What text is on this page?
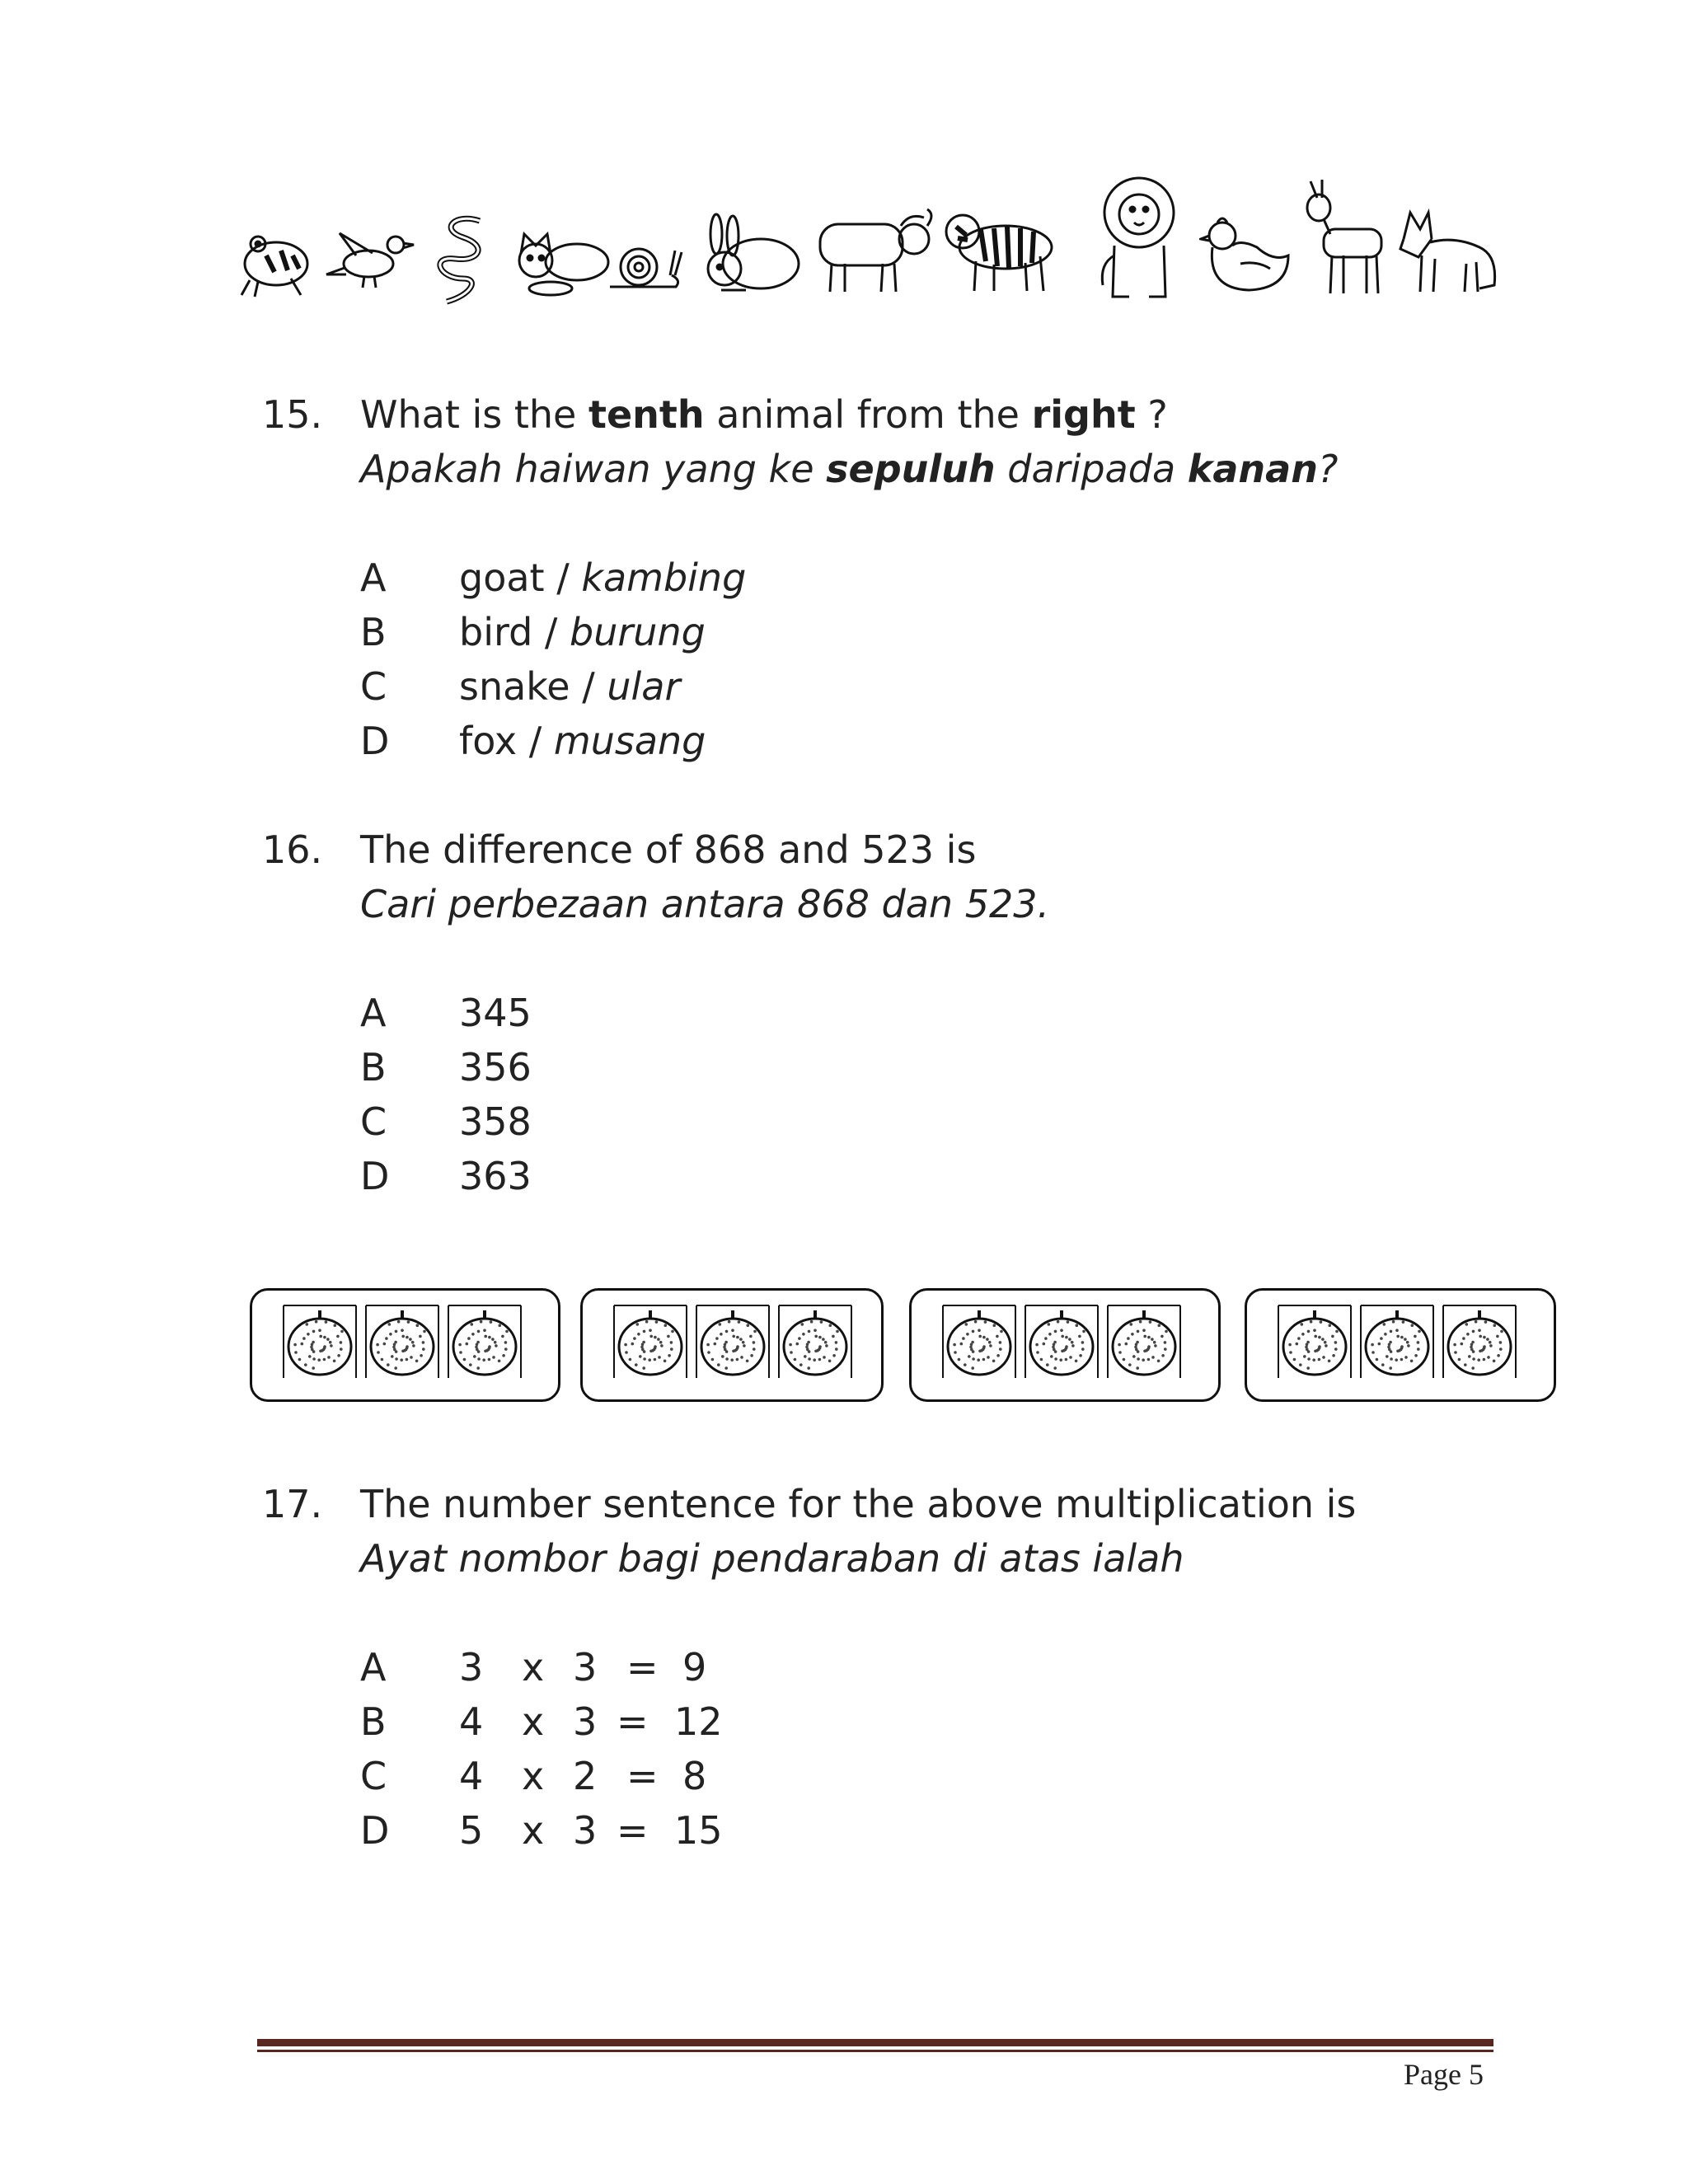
15. What is the tenth animal from the right ?
Apakah haiwan yang ke sepuluh daripada kanan?
A goat / kambing
B bird / burung
C snake / ular
D fox / musang
16. The difference of 868 and 523 is
Cari perbezaan antara 868 dan 523.
A 345
B 356
C 358
D 363
17. The number sentence for the above multiplication is
Ayat nombor bagi pendaraban di atas ialah
A 3 x 3 = 9
B 4 x 3 = 12
C 4 x 2 = 8
D 5 x 3 = 15
Page 5
